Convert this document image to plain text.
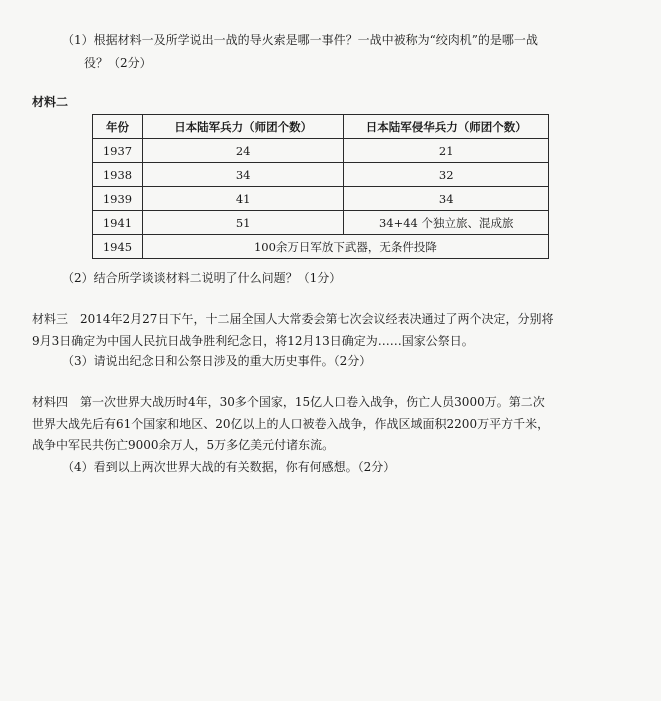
（1）根据材料一及所学说出一战的导火索是哪一事件？一战中被称为“绞肉机”的是哪一战
役？（2分）
材料二
年份	日本陆军兵力（师团个数）	日本陆军侵华兵力（师团个数）
1937	24	21
1938	34	32
1939	41	34
1941	51	34+44 个独立旅、混成旅
1945	100余万日军放下武器，无条件投降	
（2）结合所学谈谈材料二说明了什么问题？（1分）
材料三　2014年2月27日下午，十二届全国人大常委会第七次会议经表决通过了两个决定，分别将
9月3日确定为中国人民抗日战争胜利纪念日，将12月13日确定为……国家公祭日。
（3）请说出纪念日和公祭日涉及的重大历史事件。（2分）
材料四　第一次世界大战历时4年，30多个国家，15亿人口卷入战争，伤亡人员3000万。第二次
世界大战先后有61个国家和地区、20亿以上的人口被卷入战争，作战区域面积2200万平方千米，
战争中军民共伤亡9000余万人，5万多亿美元付诸东流。
（4）看到以上两次世界大战的有关数据，你有何感想。（2分）
